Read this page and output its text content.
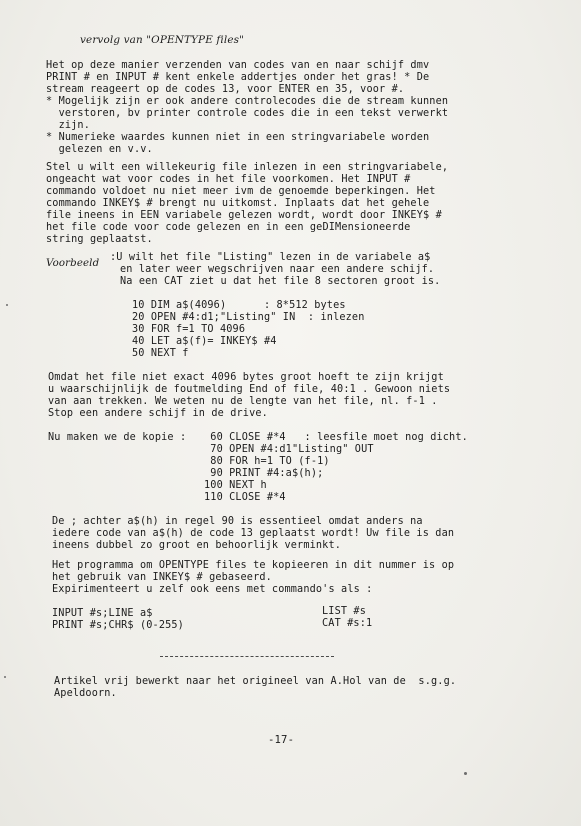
vervolg van "OPENTYPE files"
Het op deze manier verzenden van codes van en naar schijf dmv
PRINT # en INPUT # kent enkele addertjes onder het gras! * De
stream reageert op de codes 13, voor ENTER en 35, voor #.
* Mogelijk zijn er ook andere controlecodes die de stream kunnen
verstoren, bv printer controle codes die in een tekst verwerkt
zijn.
* Numerieke waardes kunnen niet in een stringvariabele worden
gelezen en v.v.
Stel u wilt een willekeurig file inlezen in een stringvariabele,
ongeacht wat voor codes in het file voorkomen. Het INPUT #
commando voldoet nu niet meer ivm de genoemde beperkingen. Het
commando INKEY$ # brengt nu uitkomst. Inplaats dat het gehele
file ineens in EEN variabele gelezen wordt, wordt door INKEY$ #
het file code voor code gelezen en in een geDIMensioneerde
string geplaatst.
Voorbeeld
:U wilt het file "Listing" lezen in de variabele a$
en later weer wegschrijven naar een andere schijf.
Na een CAT ziet u dat het file 8 sectoren groot is.
10 DIM a$(4096)      : 8*512 bytes
20 OPEN #4:d1;"Listing" IN  : inlezen
30 FOR f=1 TO 4096
40 LET a$(f)= INKEY$ #4
50 NEXT f
Omdat het file niet exact 4096 bytes groot hoeft te zijn krijgt
u waarschijnlijk de foutmelding End of file, 40:1 . Gewoon niets
van aan trekken. We weten nu de lengte van het file, nl. f-1 .
Stop een andere schijf in de drive.
Nu maken we de kopie : 60 CLOSE #*4   : leesfile moet nog dicht.
70 OPEN #4:d1"Listing" OUT
80 FOR h=1 TO (f-1)
90 PRINT #4:a$(h);
100 NEXT h
110 CLOSE #*4
De ; achter a$(h) in regel 90 is essentieel omdat anders na
iedere code van a$(h) de code 13 geplaatst wordt! Uw file is dan
ineens dubbel zo groot en behoorlijk verminkt.
Het programma om OPENTYPE files te kopieeren in dit nummer is op
het gebruik van INKEY$ # gebaseerd.
Expirimenteert u zelf ook eens met commando's als :
INPUT #s;LINE a$
PRINT #s;CHR$ (0-255)
LIST #s
CAT #s:1
Artikel vrij bewerkt naar het origineel van A.Hol van de  s.g.g.
Apeldoorn.
-17-
